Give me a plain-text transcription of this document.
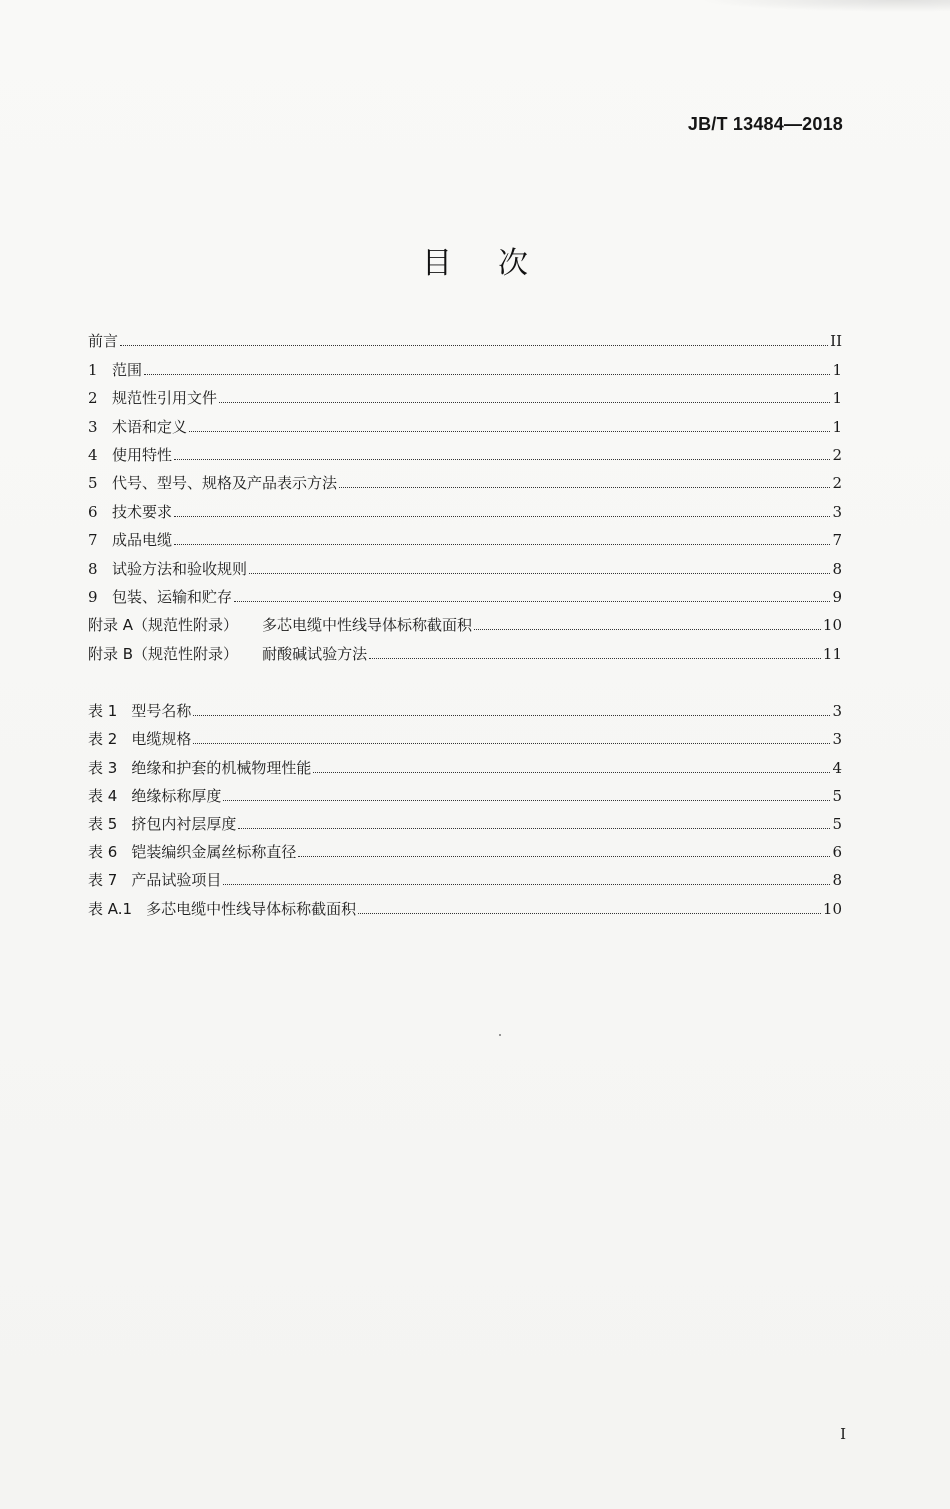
JB/T 13484—2018
目次
前言	II
1 范围	1
2 规范性引用文件	1
3 术语和定义	1
4 使用特性	2
5 代号、型号、规格及产品表示方法	2
6 技术要求	3
7 成品电缆	7
8 试验方法和验收规则	8
9 包装、运输和贮存	9
附录 A（规范性附录） 多芯电缆中性线导体标称截面积	10
附录 B（规范性附录） 耐酸碱试验方法	11
表 1 型号名称	3
表 2 电缆规格	3
表 3 绝缘和护套的机械物理性能	4
表 4 绝缘标称厚度	5
表 5 挤包内衬层厚度	5
表 6 铠装编织金属丝标称直径	6
表 7 产品试验项目	8
表 A.1 多芯电缆中性线导体标称截面积	10
I
